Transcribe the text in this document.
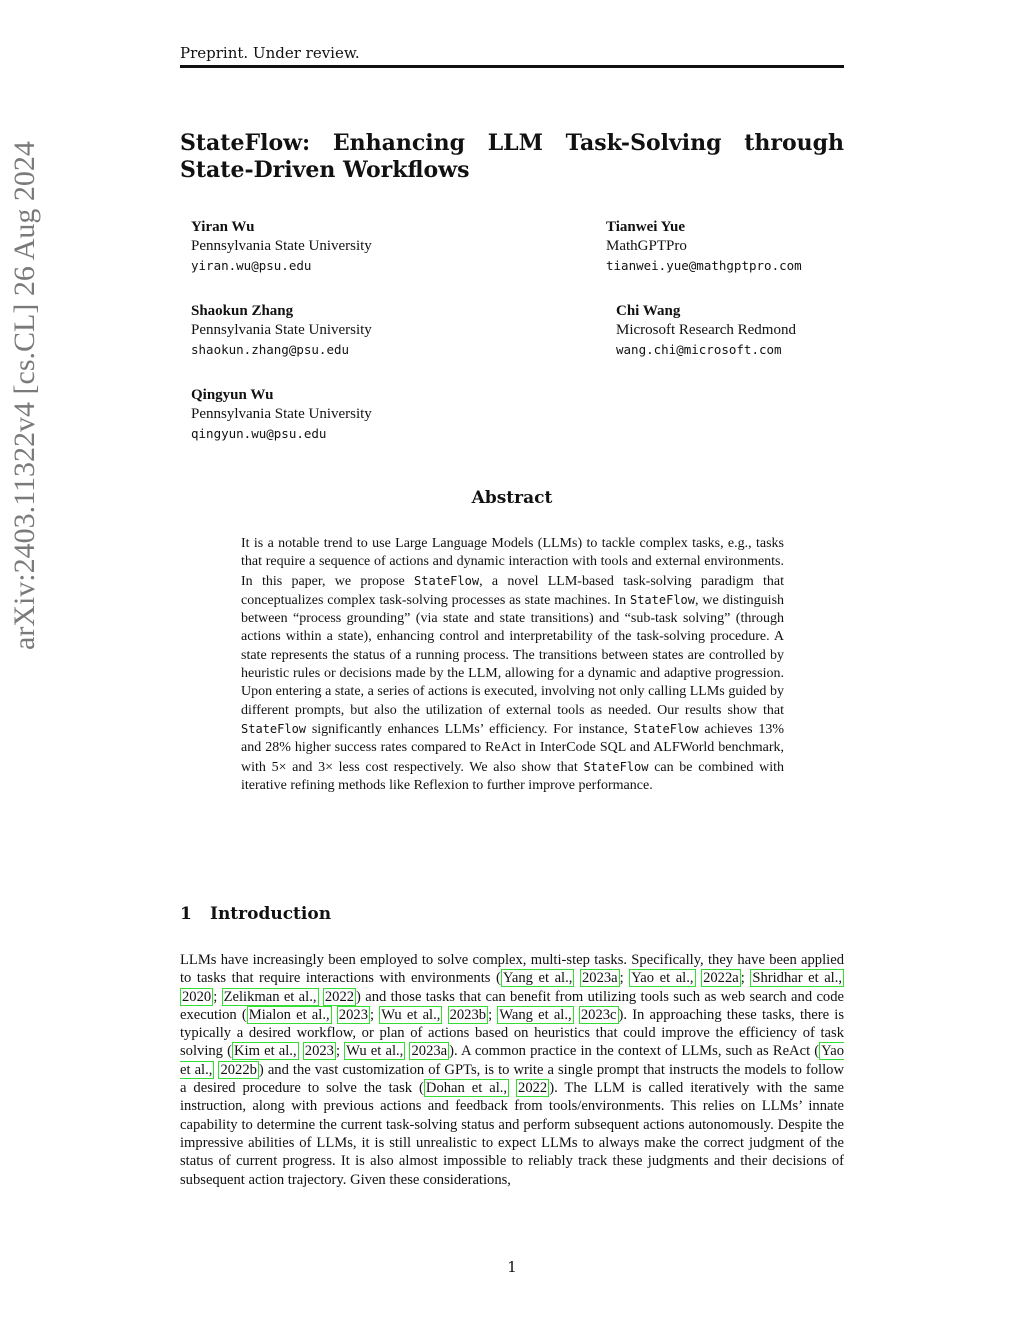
Preprint. Under review.
StateFlow: Enhancing LLM Task-Solving through State-Driven Workflows
arXiv:2403.11322v4 [cs.CL] 26 Aug 2024	Yiran Wu
Pennsylvania State University
yiran.wu@psu.edu
Tianwei Yue
MathGPTPro
tianwei.yue@mathgptpro.com
Shaokun Zhang
Pennsylvania State University
shaokun.zhang@psu.edu
Chi Wang
Microsoft Research Redmond
wang.chi@microsoft.com
Qingyun Wu
Pennsylvania State University
qingyun.wu@psu.edu
Abstract
It is a notable trend to use Large Language Models (LLMs) to tackle complex tasks, e.g., tasks that require a sequence of actions and dynamic interaction with tools and external environments. In this paper, we propose StateFlow, a novel LLM-based task-solving paradigm that conceptualizes complex task-solving processes as state machines. In StateFlow, we distinguish between “process grounding” (via state and state transitions) and “sub-task solving” (through actions within a state), enhancing control and interpretability of the task-solving procedure. A state represents the status of a running process. The transitions between states are controlled by heuristic rules or decisions made by the LLM, allowing for a dynamic and adaptive progression. Upon entering a state, a series of actions is executed, involving not only calling LLMs guided by different prompts, but also the utilization of external tools as needed. Our results show that StateFlow significantly enhances LLMs’ efficiency. For instance, StateFlow achieves 13% and 28% higher success rates compared to ReAct in InterCode SQL and ALFWorld benchmark, with 5× and 3× less cost respectively. We also show that StateFlow can be combined with iterative refining methods like Reflexion to further improve performance.
1 Introduction
LLMs have increasingly been employed to solve complex, multi-step tasks. Specifically, they have been applied to tasks that require interactions with environments ( Yang et al., 2023a ; Yao et al., 2022a ; Shridhar et al., 2020 ; Zelikman et al., 2022 ) and those tasks that can benefit from utilizing tools such as web search and code execution ( Mialon et al., 2023 ; Wu et al., 2023b ; Wang et al., 2023c ). In approaching these tasks, there is typically a desired workflow, or plan of actions based on heuristics that could improve the efficiency of task solving ( Kim et al., 2023 ; Wu et al., 2023a ). A common practice in the context of LLMs, such as ReAct ( Yao et al., 2022b ) and the vast customization of GPTs, is to write a single prompt that instructs the models to follow a desired procedure to solve the task ( Dohan et al., 2022 ). The LLM is called iteratively with the same instruction, along with previous actions and feedback from tools/environments. This relies on LLMs’ innate capability to determine the current task-solving status and perform subsequent actions autonomously. Despite the impressive abilities of LLMs, it is still unrealistic to expect LLMs to always make the correct judgment of the status of current progress. It is also almost impossible to reliably track these judgments and their decisions of subsequent action trajectory. Given these considerations,
1
